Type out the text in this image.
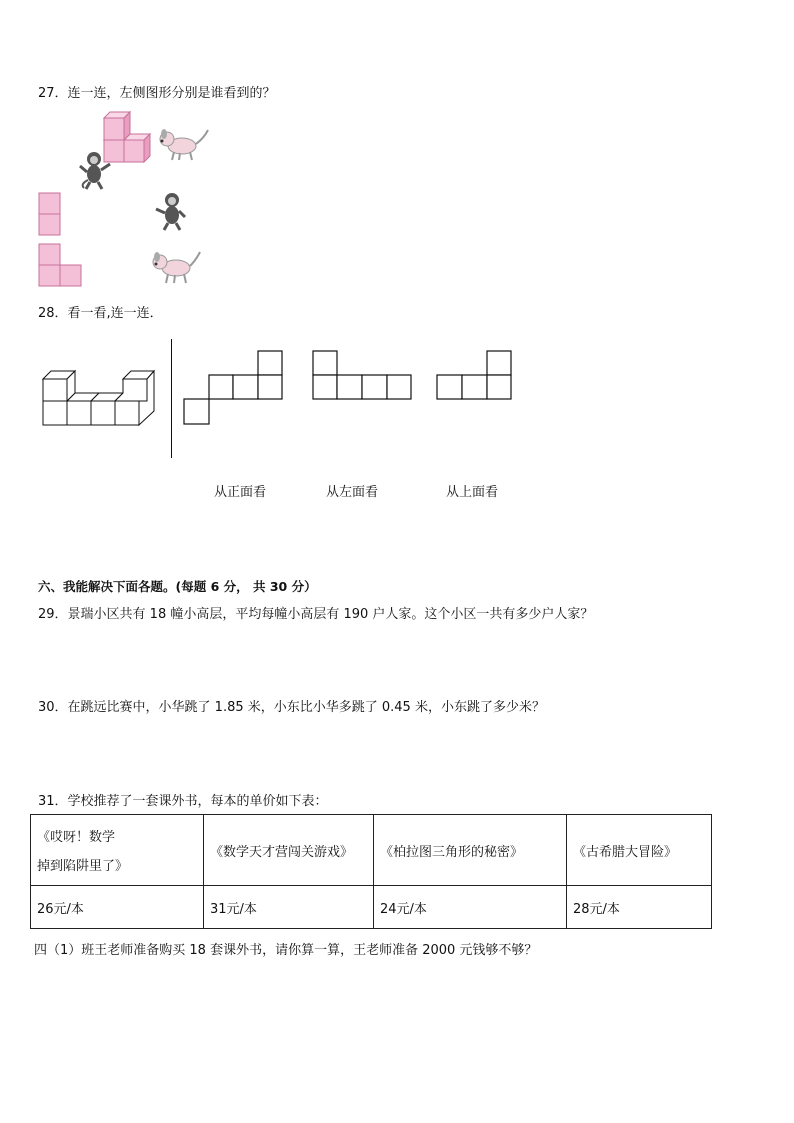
27．连一连，左侧图形分别是谁看到的？
28．看一看,连一连．
从正面看	从左面看	从上面看
六、我能解决下面各题。(每题 6 分， 共 30 分）
29．景瑞小区共有 18 幢小高层，平均每幢小高层有 190 户人家。这个小区一共有多少户人家？
30．在跳远比赛中，小华跳了 1.85 米，小东比小华多跳了 0.45 米，小东跳了多少米？
31．学校推荐了一套课外书，每本的单价如下表：
《哎呀！数学
掉到陷阱里了》	《数学天才营闯关游戏》	《柏拉图三角形的秘密》	《古希腊大冒险》
26元/本	31元/本	24元/本	28元/本
四（1）班王老师准备购买 18 套课外书，请你算一算，王老师准备 2000 元钱够不够？
